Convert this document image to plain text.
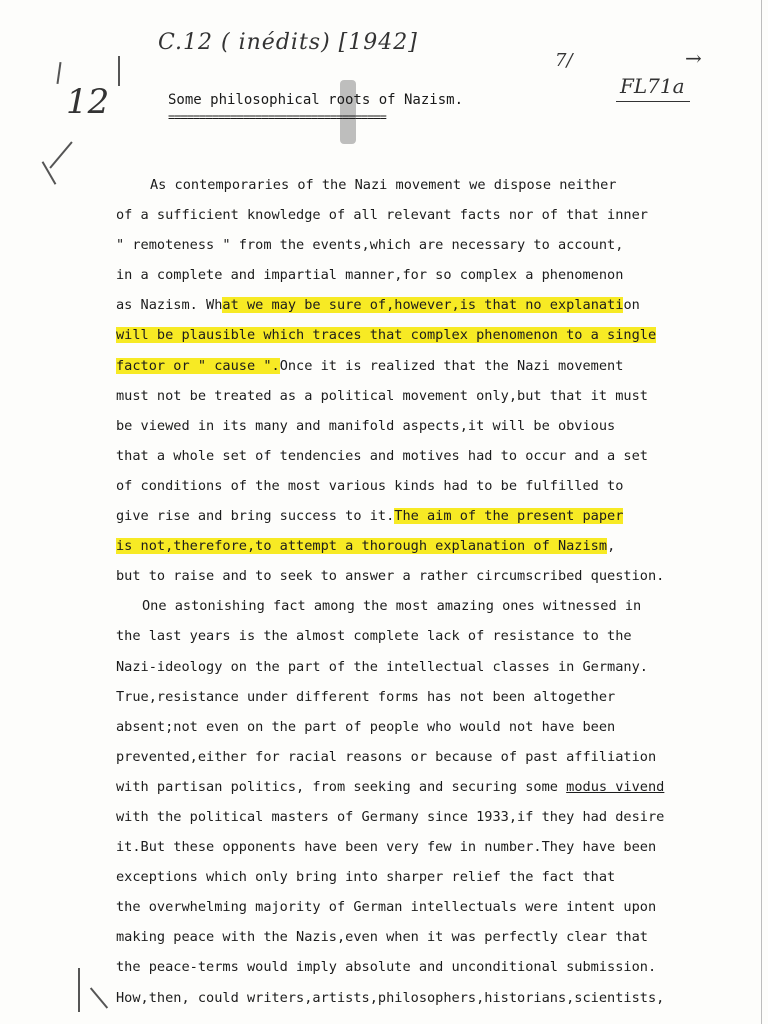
C.12 ( inédits) [1942]
7/	→
FL71a
12	Some philosophical roots of Nazism.
===================================
As contemporaries of the Nazi movement we dispose neither
of a sufficient knowledge of all relevant facts nor of that inner
" remoteness " from the events,which are necessary to account,
in a complete and impartial manner,for so complex a phenomenon
as Nazism. What we may be sure of,however,is that no explanation
will be plausible which traces that complex phenomenon to a single
factor or " cause ".Once it is realized that the Nazi movement
must not be treated as a political movement only,but that it must
be viewed in its many and manifold aspects,it will be obvious
that a whole set of tendencies and motives had to occur and a set
of conditions of the most various kinds had to be fulfilled to
give rise and bring success to it.The aim of the present paper
is not,therefore,to attempt a thorough explanation of Nazism,
but to raise and to seek to answer a rather circumscribed question.
One astonishing fact among the most amazing ones witnessed in
the last years is the almost complete lack of resistance to the
Nazi-ideology on the part of the intellectual classes in Germany.
True,resistance under different forms has not been altogether
absent;not even on the part of people who would not have been
prevented,either for racial reasons or because of past affiliation
with partisan politics, from seeking and securing some modus vivend
with the political masters of Germany since 1933,if they had desire
it.But these opponents have been very few in number.They have been
exceptions which only bring into sharper relief the fact that
the overwhelming majority of German intellectuals were intent upon
making peace with the Nazis,even when it was perfectly clear that
the peace-terms would imply absolute and unconditional submission.
How,then, could writers,artists,philosophers,historians,scientists,
